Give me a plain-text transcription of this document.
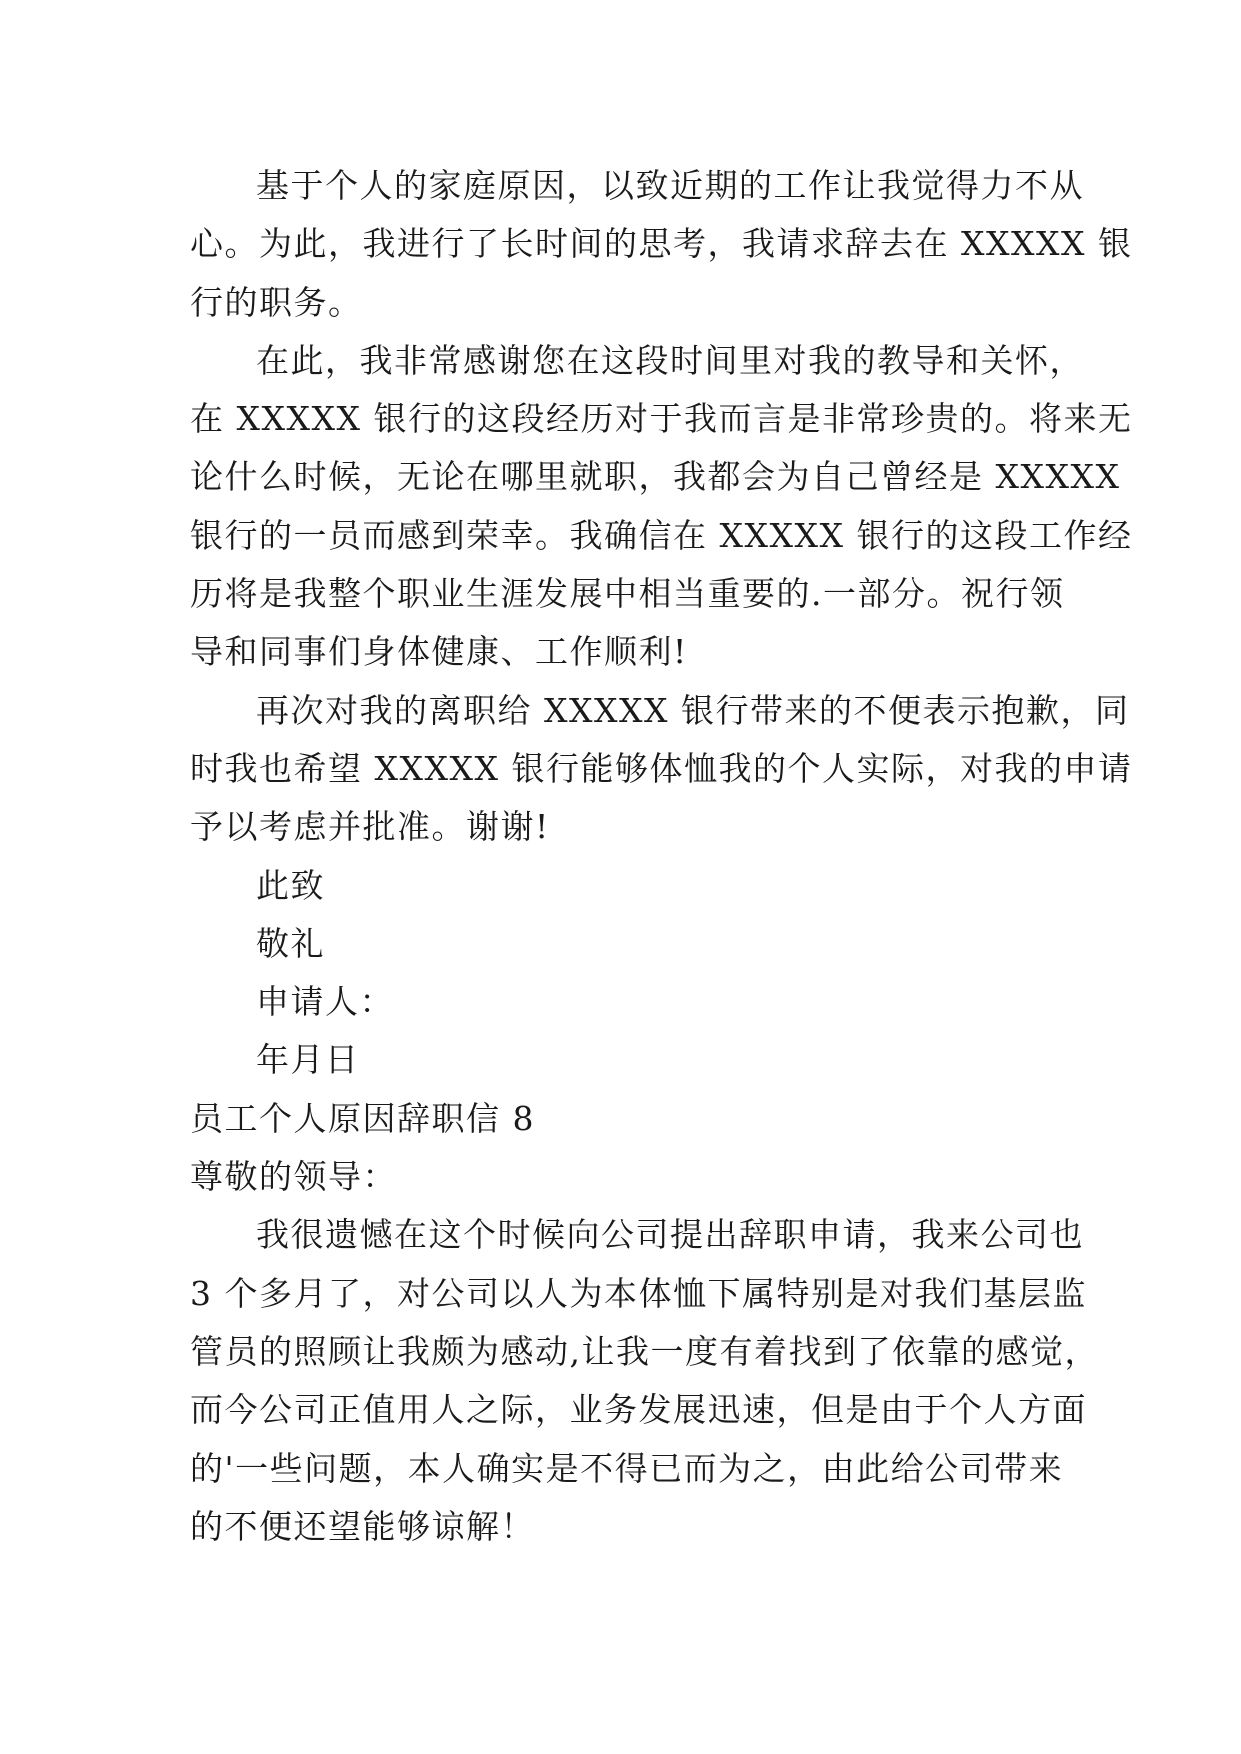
基于个人的家庭原因，以致近期的工作让我觉得力不从

心。为此，我进行了长时间的思考，我请求辞去在 XXXXX 银

行的职务。

在此，我非常感谢您在这段时间里对我的教导和关怀，

在 XXXXX 银行的这段经历对于我而言是非常珍贵的。将来无

论什么时候，无论在哪里就职，我都会为自己曾经是 XXXXX

银行的一员而感到荣幸。我确信在 XXXXX 银行的这段工作经

历将是我整个职业生涯发展中相当重要的.一部分。祝行领

导和同事们身体健康、工作顺利!

再次对我的离职给 XXXXX 银行带来的不便表示抱歉，同

时我也希望 XXXXX 银行能够体恤我的个人实际，对我的申请

予以考虑并批准。谢谢!

此致

敬礼

申请人：

年月日

员工个人原因辞职信 8

尊敬的领导：

我很遗憾在这个时候向公司提出辞职申请，我来公司也

3 个多月了，对公司以人为本体恤下属特别是对我们基层监

管员的照顾让我颇为感动,让我一度有着找到了依靠的感觉，

而今公司正值用人之际，业务发展迅速，但是由于个人方面

的'一些问题，本人确实是不得已而为之，由此给公司带来

的不便还望能够谅解！
